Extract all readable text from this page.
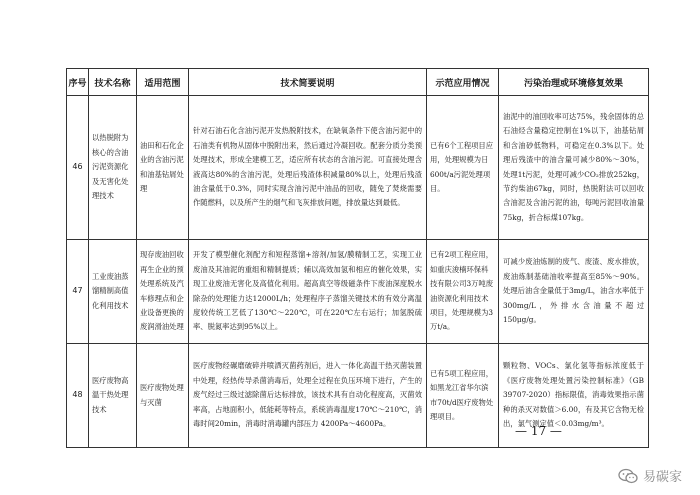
序号	技术名称	适用范围	技术简要说明	示范应用情况	污染治理或环境修复效果
46	以热脱附为核心的含油污泥资源化及无害化处理技术	油田和石化企业的含油污泥和油基钻屑处理	针对石油石化含油污泥开发热脱附技术，在缺氧条件下使含油污泥中的石油类有机物从固体中脱附出来，然后通过冷凝回收。配套分质分类预处理技术，形成全建模工艺，适应所有状态的含油污泥。可直接处理含液高达80%的含油污泥，处理后残渣体积减量80%以上，处理后残渣油含量低于0.3%，同时实现含油污泥中油品的回收，随免了焚烧需要作随燃料，以及所产生的烟气和飞灰排放问题，排放量达到最低。	已有6个工程项目应用，处理规模为日600t/a污泥处理项目。	油泥中的油回收率可达75%，残余固体的总石油烃含量稳定控制在1%以下，油基钻屑和含油砂低物料，可稳定在0.3%以下。处理后残渣中的油含量可减少80%～30%，处理1t污泥，处理可减少CO₂排放252kg，节约柴油67kg，同时，热脱附法可以回收含油泥及含油污泥的油，每吨污泥回收油量75kg，折合标煤107kg。
47	工业废油蒸馏精制高值化利用技术	现存废油回收再生企业的预处理系统及汽车修理点和企业设备更换的废润滑油处理	开发了模型催化剂配方和短程蒸馏+溶剂/加氢/膜精制工艺，实现工业废油及其油泥的重组和精制提质；辅以高效加氢和相应的催化效果，实现工业废油无害化及高值化利用。超高真空等级磁条件下废油深度脱水除杂的处理能力达12000L/h；处理程序子蒸馏关键技术的有效分离温度较传统工艺低了130℃～220℃，可在220℃左右运行；加氢脱硫率、脱氮率达到95%以上。	已有2项工程应用，如重庆浚楠环保科技有限公司3万吨废油资源化利用技术项目，处理规模为3万t/a。	可减少废油炼制的废气、废渣、废水排放，废油炼制基础油收率提高至85%～90%。处理后油含金量低于3mg/L，油含水率低于300mg/L，外排水含油量不超过150μg/g。
48	医疗废物高温干热处理技术	医疗废物处理与灭菌	医疗废物经碾磨破碎并喷洒灭菌药剂后，进入一体化高温干热灭菌装置中处理，经热传导杀菌消毒后，处理全过程在负压环境下进行，产生的废气经过三级过滤除菌后达标排放，该技术具有自动化程度高，灭菌效率高，占地面积小，低能耗等特点，系统消毒温度170℃～210℃，消毒时间20min，消毒时消毒罐内部压力 4200Pa～4600Pa。	已有5项工程应用，如黑龙江省华尔滨市70t/d医疗废物处理项目。	颗粒物、VOCs、氯化氢等指标浓度低于《医疗废物处理处置污染控制标准》（GB 39707-2020）指标限值，消毒效果指示菌种的杀灭对数值＞6.00，有及其它含物无检出，氯气测定值＜0.03mg/m³。
— 17 —
易碳家
